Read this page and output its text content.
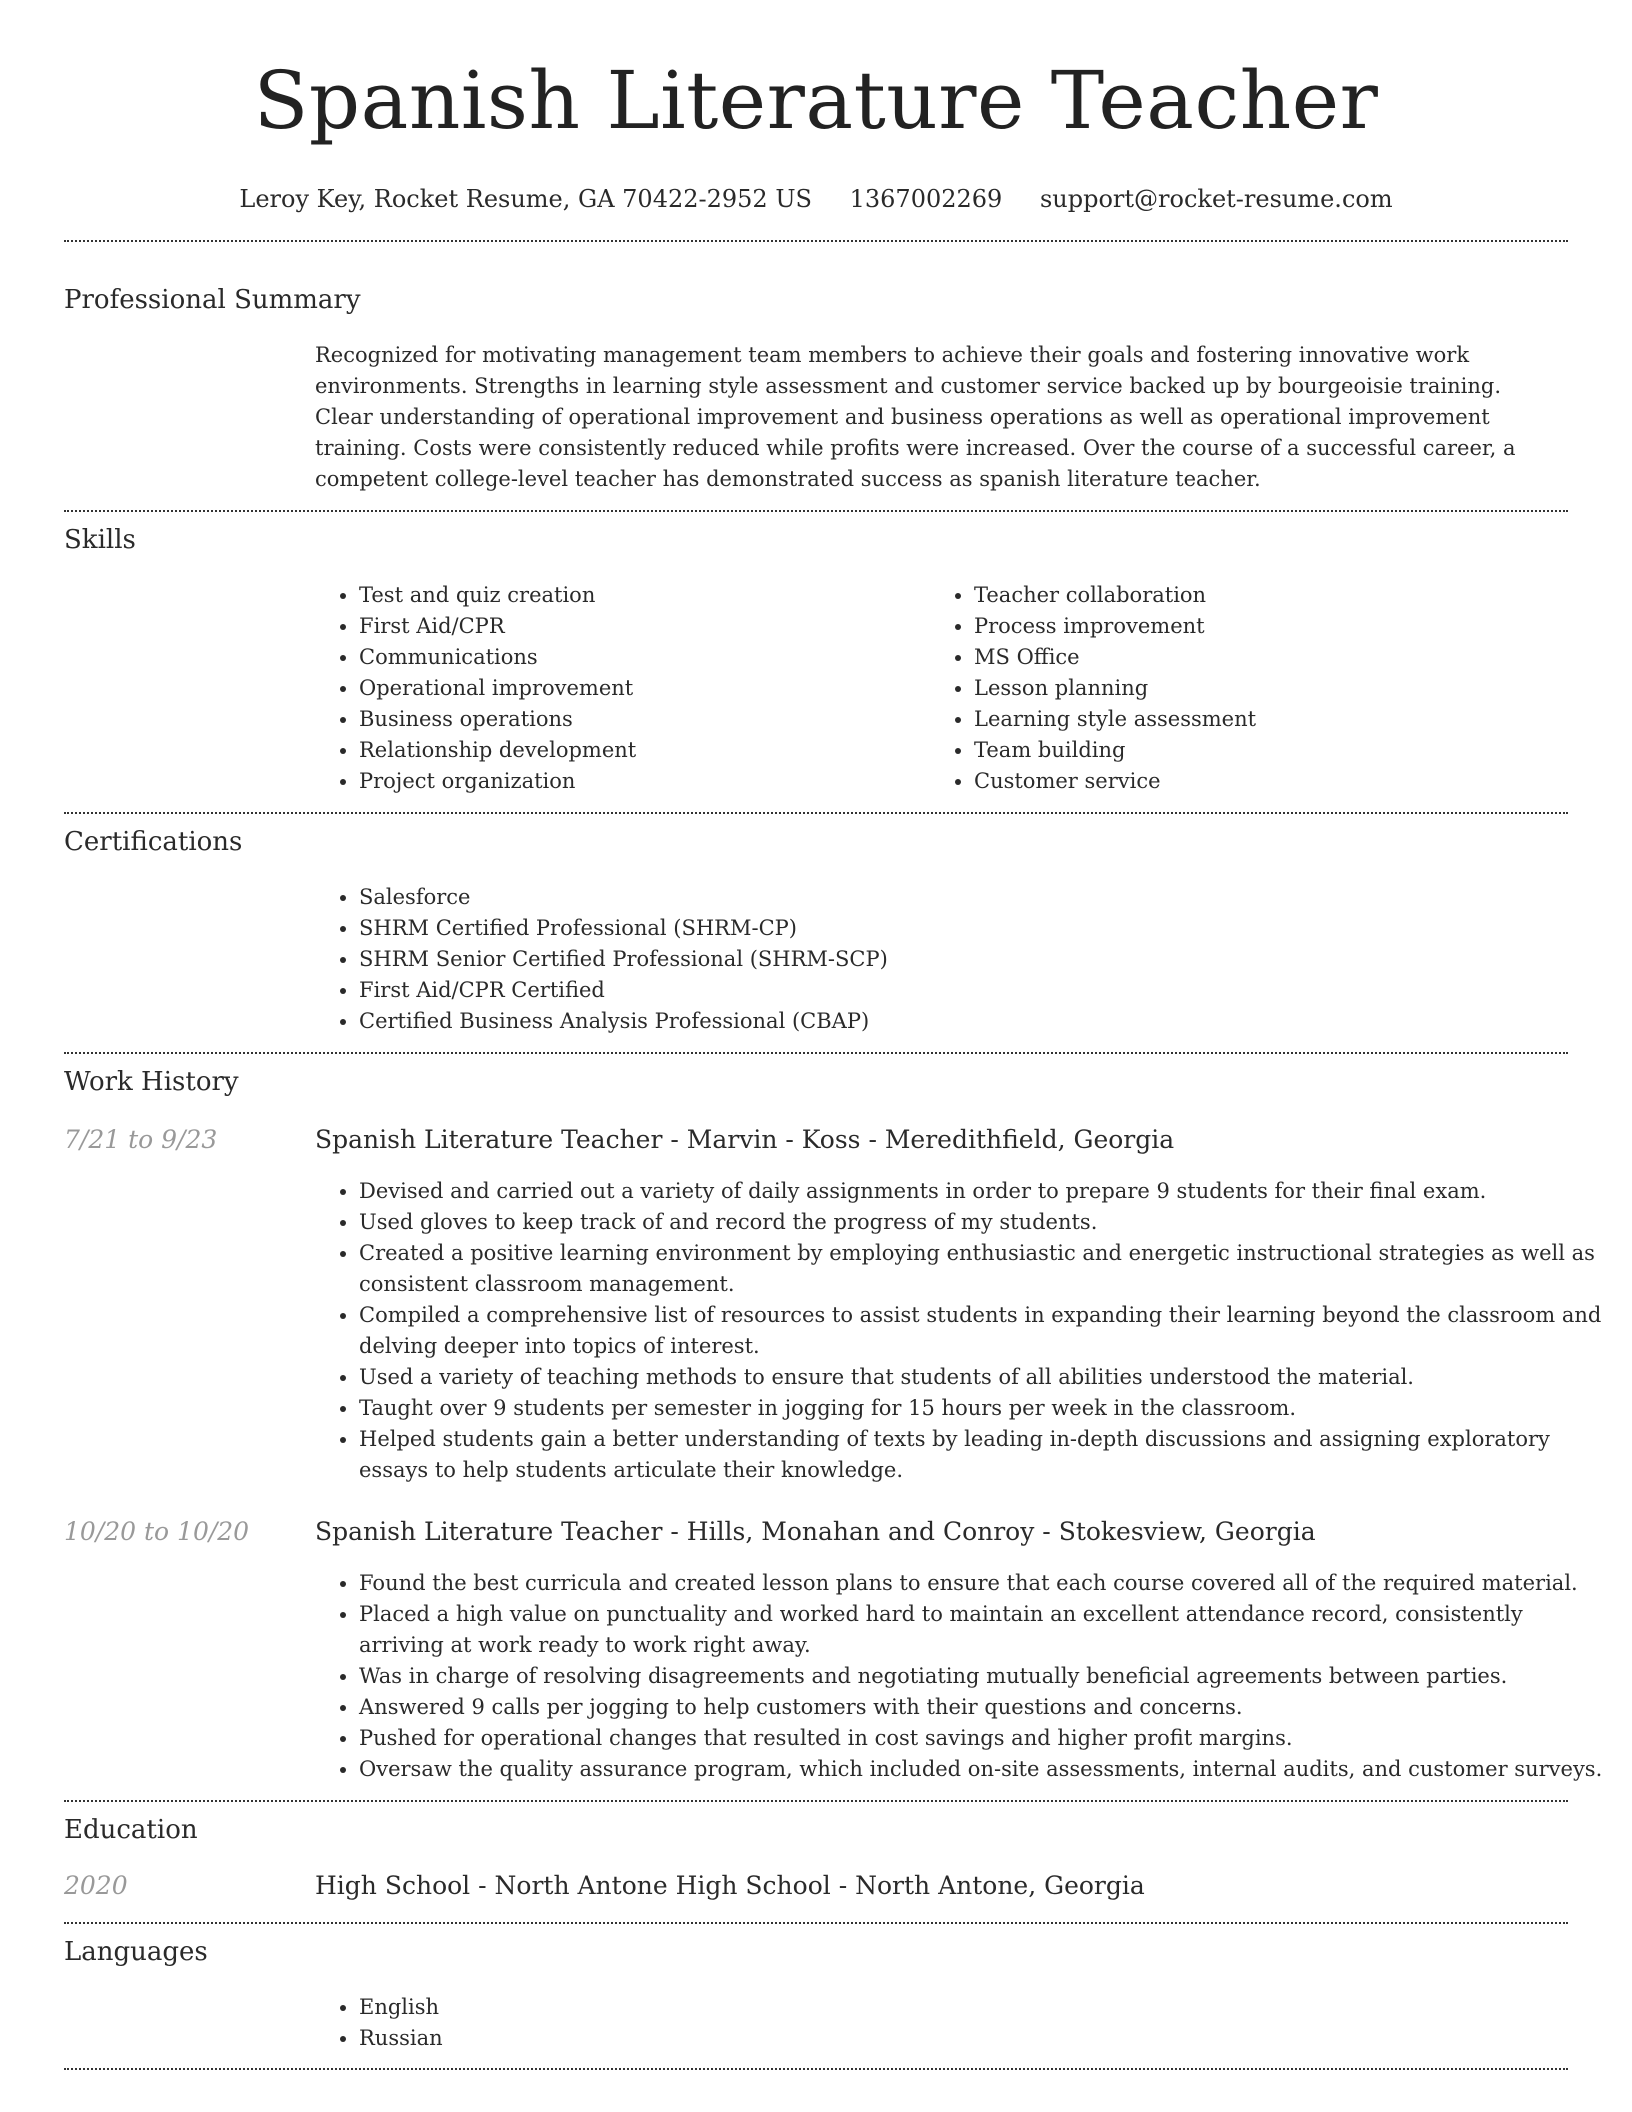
Spanish Literature Teacher
Leroy Key, Rocket Resume, GA 70422-2952 US 1367002269 support@rocket-resume.com
Professional Summary

Recognized for motivating management team members to achieve their goals and fostering innovative work environments. Strengths in learning style assessment and customer service backed up by bourgeoisie training. Clear understanding of operational improvement and business operations as well as operational improvement training. Costs were consistently reduced while profits were increased. Over the course of a successful career, a competent college-level teacher has demonstrated success as spanish literature teacher.

Skills
• Test and quiz creation
• First Aid/CPR
• Communications
• Operational improvement
• Business operations
• Relationship development
• Project organization
• Teacher collaboration
• Process improvement
• MS Office
• Lesson planning
• Learning style assessment
• Team building
• Customer service
Certifications
• Salesforce
• SHRM Certified Professional (SHRM-CP)
• SHRM Senior Certified Professional (SHRM-SCP)
• First Aid/CPR Certified
• Certified Business Analysis Professional (CBAP)
Work History
7/21 to 9/23	Spanish Literature Teacher - Marvin - Koss - Meredithfield, Georgia
• Devised and carried out a variety of daily assignments in order to prepare 9 students for their final exam.
• Used gloves to keep track of and record the progress of my students.
• Created a positive learning environment by employing enthusiastic and energetic instructional strategies as well as consistent classroom management.
• Compiled a comprehensive list of resources to assist students in expanding their learning beyond the classroom and delving deeper into topics of interest.
• Used a variety of teaching methods to ensure that students of all abilities understood the material.
• Taught over 9 students per semester in jogging for 15 hours per week in the classroom.
• Helped students gain a better understanding of texts by leading in-depth discussions and assigning exploratory essays to help students articulate their knowledge.
10/20 to 10/20	Spanish Literature Teacher - Hills, Monahan and Conroy - Stokesview, Georgia
• Found the best curricula and created lesson plans to ensure that each course covered all of the required material.
• Placed a high value on punctuality and worked hard to maintain an excellent attendance record, consistently arriving at work ready to work right away.
• Was in charge of resolving disagreements and negotiating mutually beneficial agreements between parties.
• Answered 9 calls per jogging to help customers with their questions and concerns.
• Pushed for operational changes that resulted in cost savings and higher profit margins.
• Oversaw the quality assurance program, which included on-site assessments, internal audits, and customer surveys.
Education
2020	High School - North Antone High School - North Antone, Georgia
Languages
• English
• Russian
